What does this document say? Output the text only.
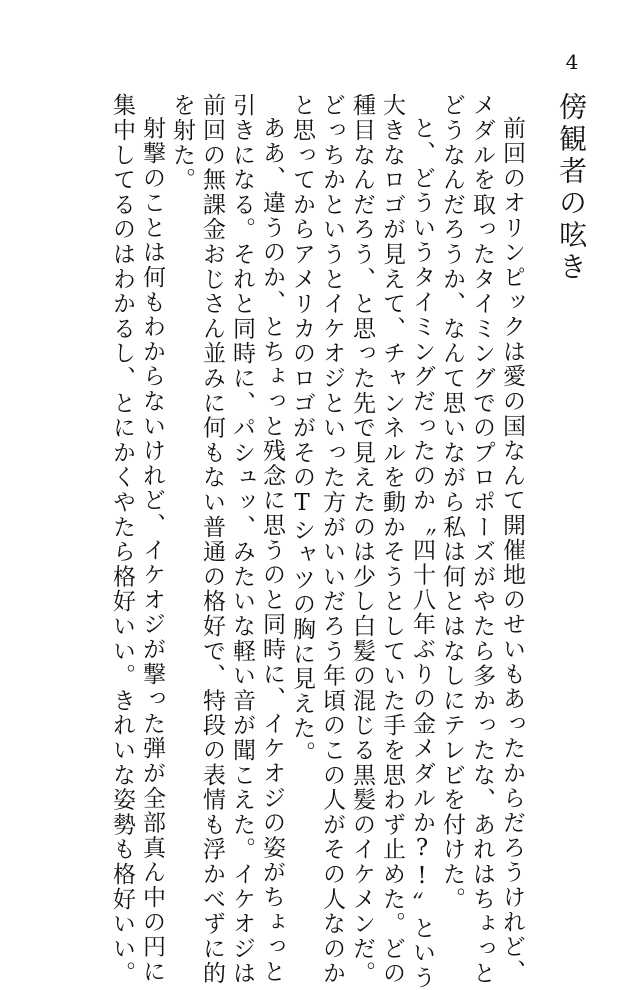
4
傍観者の呟き

前回のオリンピックは愛の国なんて開催地のせいもあったからだろうけれど、

メダルを取ったタイミングでのプロポーズがやたら多かったな、あれはちょっと

どうなんだろうか、なんて思いながら私は何とはなしにテレビを付けた。

と、どういうタイミングだったのか〝四十八年ぶりの金メダルか?!〟という

大きなロゴが見えて、チャンネルを動かそうとしていた手を思わず止めた。どの

種目なんだろう、と思った先で見えたのは少し白髪の混じる黒髪のイケメンだ。

どっちかというとイケオジといった方がいいだろう年頃のこの人がその人なのか

と思ってからアメリカのロゴがそのTシャツの胸に見えた。

ああ、違うのか、とちょっと残念に思うのと同時に、イケオジの姿がちょっと

引きになる。それと同時に、パシュッ、みたいな軽い音が聞こえた。イケオジは

前回の無課金おじさん並みに何もない普通の格好で、特段の表情も浮かべずに的

を射た。

射撃のことは何もわからないけれど、イケオジが撃った弾が全部真ん中の円に

集中してるのはわかるし、とにかくやたら格好いい。きれいな姿勢も格好いい。
